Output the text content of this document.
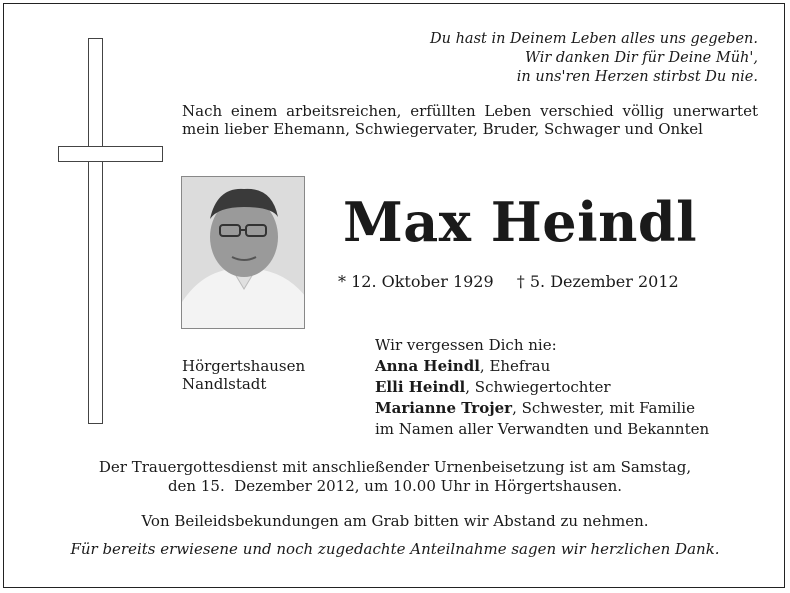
Du hast in Deinem Leben alles uns gegeben.
Wir danken Dir für Deine Müh',
in uns'ren Herzen stirbst Du nie.
Nach einem arbeitsreichen, erfüllten Leben verschied völlig unerwartet mein lieber Ehemann, Schwiegervater, Bruder, Schwager und Onkel
Max Heindl
* 12. Oktober 1929 † 5. Dezember 2012
Hörgertshausen
Nandlstadt
Wir vergessen Dich nie:
Anna Heindl, Ehefrau
Elli Heindl, Schwiegertochter
Marianne Trojer, Schwester, mit Familie
im Namen aller Verwandten und Bekannten
Der Trauergottesdienst mit anschließender Urnenbeisetzung ist am Samstag,
den 15.  Dezember 2012, um 10.00 Uhr in Hörgertshausen.
Von Beileidsbekundungen am Grab bitten wir Abstand zu nehmen.
Für bereits erwiesene und noch zugedachte Anteilnahme sagen wir herzlichen Dank.
